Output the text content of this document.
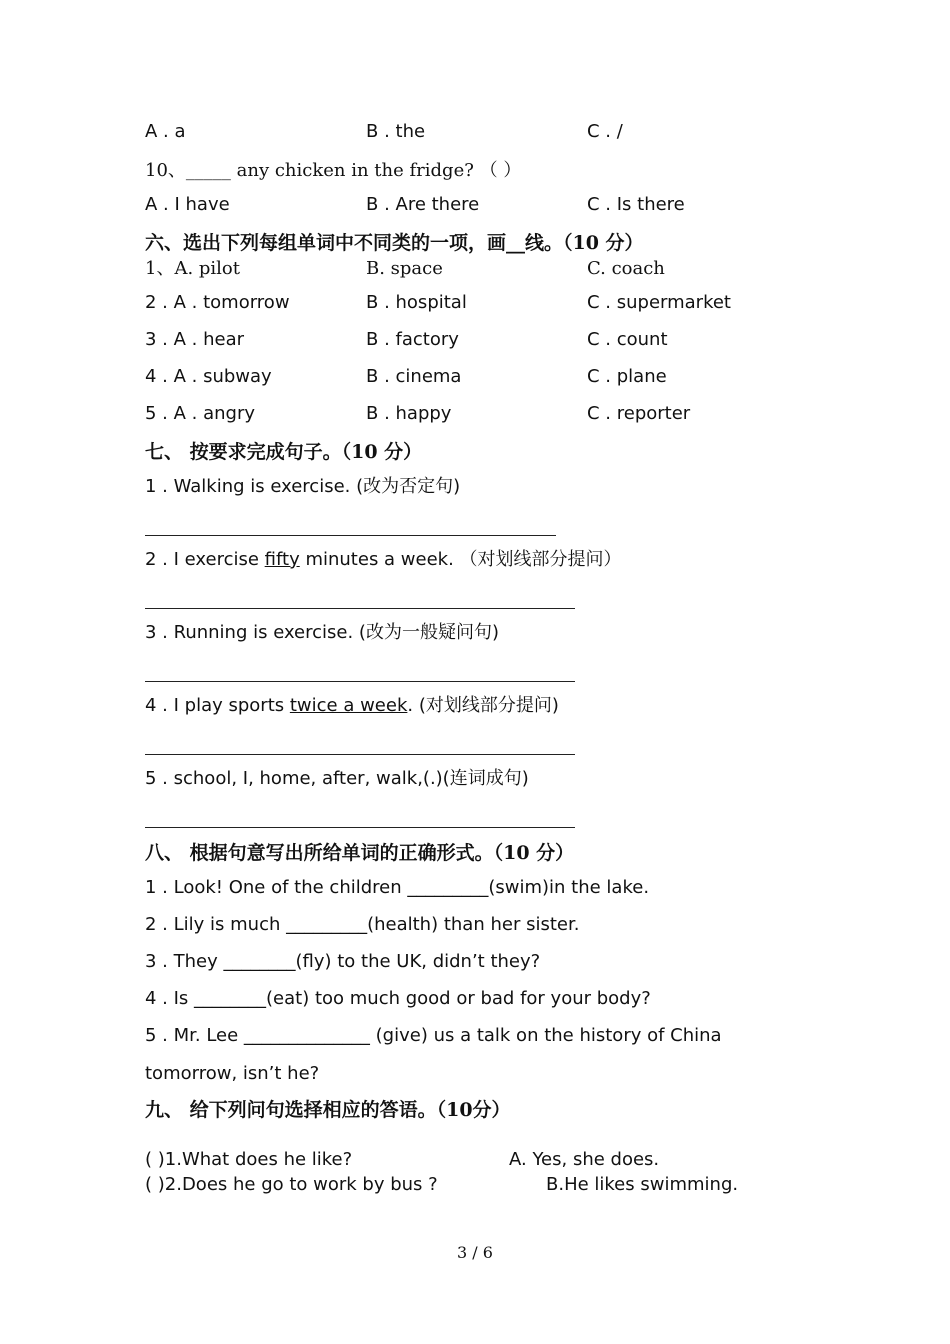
A . a	B . the	C . /
10、_____ any chicken in the fridge? （ ）
A . I have	B . Are there	C . Is there
六、选出下列每组单词中不同类的一项，画__线。（10 分）
1、A. pilot	B. space	C. coach
2 . A . tomorrow	B . hospital	C . supermarket
3 . A . hear	B . factory	C . count
4 . A . subway	B . cinema	C . plane
5 . A . angry	B . happy	C . reporter
七、 按要求完成句子。（10 分）
1 . Walking is exercise. (改为否定句)
2 . I exercise fifty minutes a week. （对划线部分提问）
3 . Running is exercise. (改为一般疑问句)
4 . I play sports twice a week. (对划线部分提问)
5 . school, I, home, after, walk,(.)(连词成句)
八、 根据句意写出所给单词的正确形式。（10 分）
1 . Look! One of the children _________(swim)in the lake.
2 . Lily is much _________(health) than her sister.
3 . They ________(fly) to the UK, didn’t they?
4 . Is ________(eat) too much good or bad for your body?
5 . Mr. Lee ______________ (give) us a talk on the history of China
tomorrow, isn’t he?
九、 给下列问句选择相应的答语。（10分）
( )1.What does he like?	A. Yes, she does.
( )2.Does he go to work by bus ?	B.He likes swimming.
3 / 6
